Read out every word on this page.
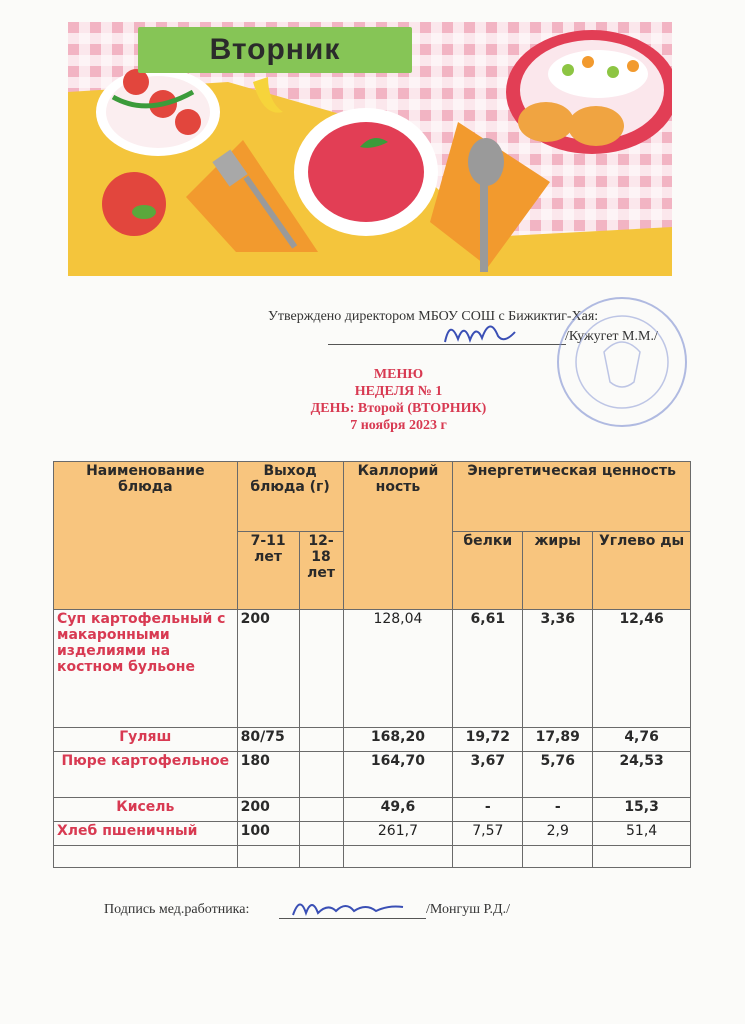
Вторник
Утверждено директором МБОУ СОШ с Бижиктиг-Хая:
/Кужугет М.М./
МЕНЮ
НЕДЕЛЯ № 1
ДЕНЬ: Второй (ВТОРНИК)
7 ноября 2023 г
Наименование блюда	Выход блюда (г)		Каллорий ность	Энергетическая ценность		
	7-11 лет	12-18 лет		белки	жиры	Углево ды
Суп картофельный с макаронными изделиями на костном бульоне	200		128,04	6,61	3,36	12,46
Гуляш	80/75		168,20	19,72	17,89	4,76
Пюре картофельное	180		164,70	3,67	5,76	24,53
Кисель	200		49,6	-	-	15,3
Хлеб пшеничный	100		261,7	7,57	2,9	51,4

Подпись мед.работника:	/Монгуш Р.Д./
